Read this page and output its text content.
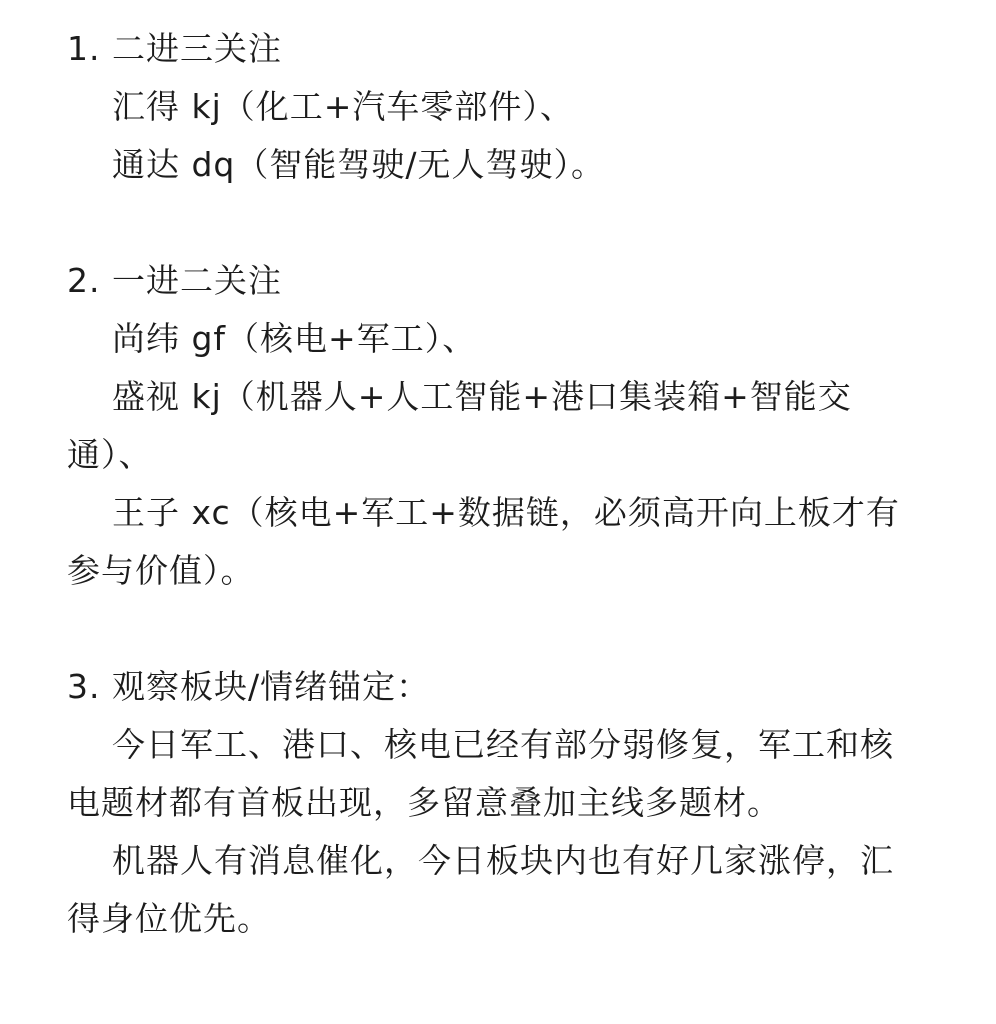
1. 二进三关注
汇得 kj（化工+汽车零部件）、
通达 dq（智能驾驶/无人驾驶）。
2. 一进二关注
尚纬 gf（核电+军工）、
盛视 kj（机器人+人工智能+港口集装箱+智能交通）、
王子 xc（核电+军工+数据链，必须高开向上板才有参与价值）。
3. 观察板块/情绪锚定：
今日军工、港口、核电已经有部分弱修复，军工和核电题材都有首板出现，多留意叠加主线多题材。
机器人有消息催化，今日板块内也有好几家涨停，汇得身位优先。
